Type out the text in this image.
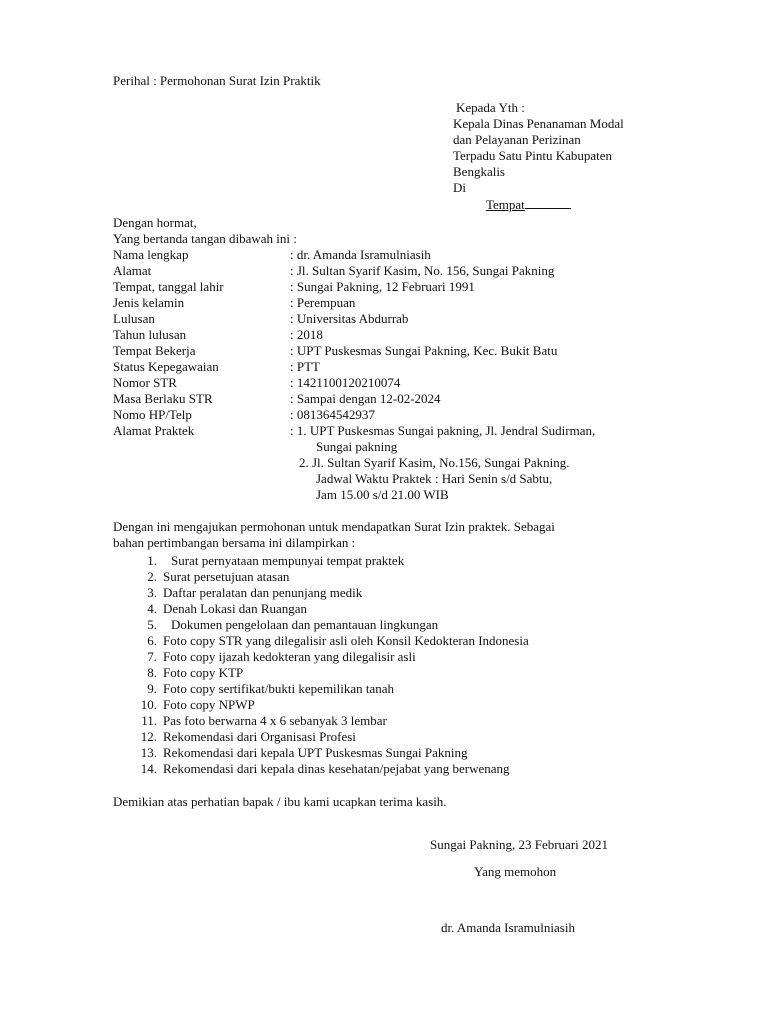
Perihal : Permohonan Surat Izin Praktik
Kepada Yth :
Kepala Dinas Penanaman Modal
dan Pelayanan Perizinan
Terpadu Satu Pintu Kabupaten
Bengkalis
Di
Tempat
Dengan hormat,
Yang bertanda tangan dibawah ini :
Nama lengkap	: dr. Amanda Isramulniasih
Alamat	: Jl. Sultan Syarif Kasim, No. 156, Sungai Pakning
Tempat, tanggal lahir	: Sungai Pakning, 12 Februari 1991
Jenis kelamin	: Perempuan
Lulusan	: Universitas Abdurrab
Tahun lulusan	: 2018
Tempat Bekerja	: UPT Puskesmas Sungai Pakning, Kec. Bukit Batu
Status Kepegawaian	: PTT
Nomor STR	: 1421100120210074
Masa Berlaku STR	: Sampai dengan 12-02-2024
Nomo HP/Telp	: 081364542937
Alamat Praktek	: 1. UPT Puskesmas Sungai pakning, Jl. Jendral Sudirman,
Sungai pakning
2. Jl. Sultan Syarif Kasim, No.156, Sungai Pakning.
Jadwal Waktu Praktek : Hari Senin s/d Sabtu,
Jam 15.00 s/d 21.00 WIB
Dengan ini mengajukan permohonan untuk mendapatkan Surat Izin praktek. Sebagai
bahan pertimbangan bersama ini dilampirkan :
1.	Surat pernyataan mempunyai tempat praktek
2. Surat persetujuan atasan
3. Daftar peralatan dan penunjang medik
4. Denah Lokasi dan Ruangan
5.	Dokumen pengelolaan dan pemantauan lingkungan
6. Foto copy STR yang dilegalisir asli oleh Konsil Kedokteran Indonesia
7. Foto copy ijazah kedokteran yang dilegalisir asli
8. Foto copy KTP
9. Foto copy sertifikat/bukti kepemilikan tanah
10. Foto copy NPWP
11. Pas foto berwarna 4 x 6 sebanyak 3 lembar
12. Rekomendasi dari Organisasi Profesi
13. Rekomendasi dari kepala UPT Puskesmas Sungai Pakning
14. Rekomendasi dari kepala dinas kesehatan/pejabat yang berwenang
Demikian atas perhatian bapak / ibu kami ucapkan terima kasih.
Sungai Pakning, 23 Februari 2021
Yang memohon
dr. Amanda Isramulniasih
